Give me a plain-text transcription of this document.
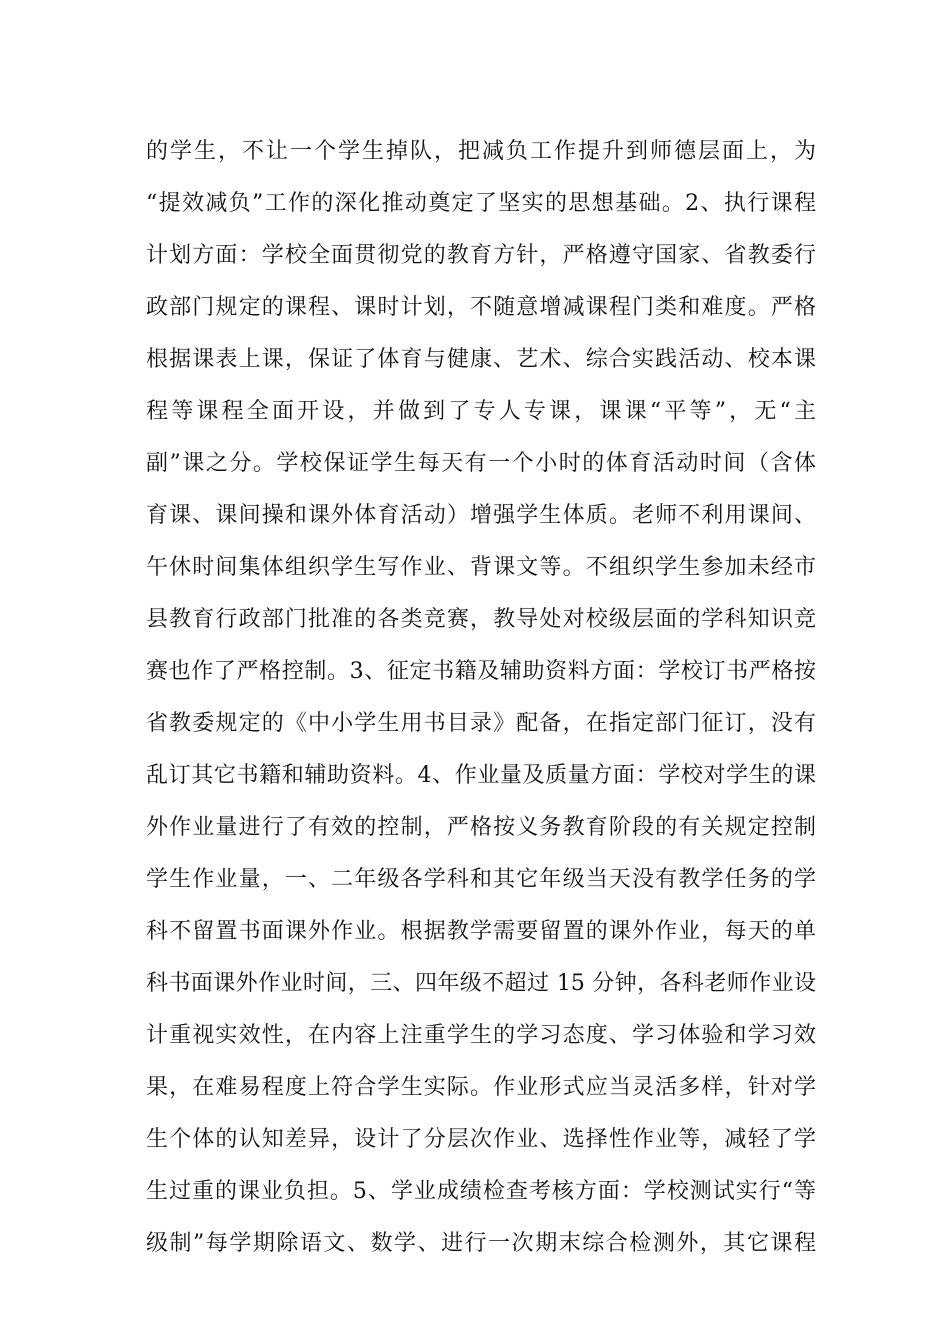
的学生，不让一个学生掉队，把减负工作提升到师德层面上，为
“提效减负”工作的深化推动奠定了坚实的思想基础。2、执行课程
计划方面：学校全面贯彻党的教育方针，严格遵守国家、省教委行
政部门规定的课程、课时计划，不随意增减课程门类和难度。严格
根据课表上课，保证了体育与健康、艺术、综合实践活动、校本课
程等课程全面开设，并做到了专人专课，课课“平等”，无“主
副”课之分。学校保证学生每天有一个小时的体育活动时间（含体
育课、课间操和课外体育活动）增强学生体质。老师不利用课间、
午休时间集体组织学生写作业、背课文等。不组织学生参加未经市
县教育行政部门批准的各类竞赛，教导处对校级层面的学科知识竞
赛也作了严格控制。3、征定书籍及辅助资料方面：学校订书严格按
省教委规定的《中小学生用书目录》配备，在指定部门征订，没有
乱订其它书籍和辅助资料。4、作业量及质量方面：学校对学生的课
外作业量进行了有效的控制，严格按义务教育阶段的有关规定控制
学生作业量，一、二年级各学科和其它年级当天没有教学任务的学
科不留置书面课外作业。根据教学需要留置的课外作业，每天的单
科书面课外作业时间，三、四年级不超过 15 分钟，各科老师作业设
计重视实效性，在内容上注重学生的学习态度、学习体验和学习效
果，在难易程度上符合学生实际。作业形式应当灵活多样，针对学
生个体的认知差异，设计了分层次作业、选择性作业等，减轻了学
生过重的课业负担。5、学业成绩检查考核方面：学校测试实行“等
级制”每学期除语文、数学、进行一次期末综合检测外，其它课程
